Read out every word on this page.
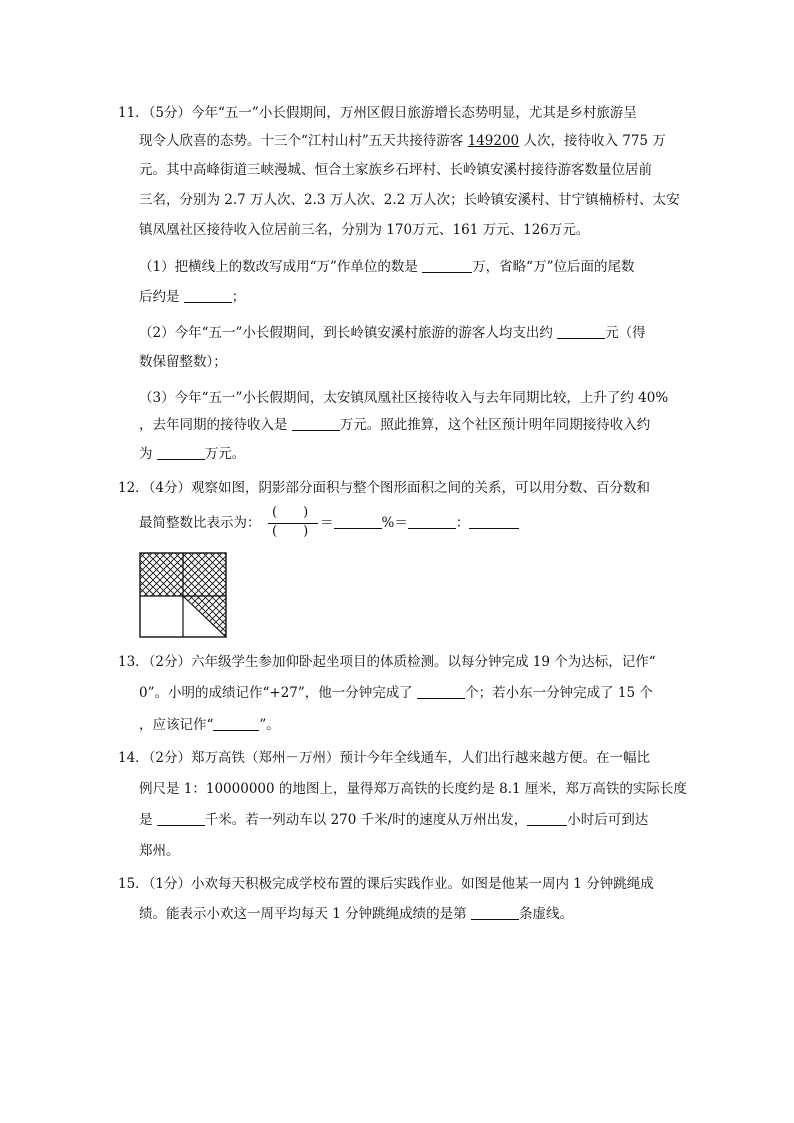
11．（5分）今年“五一”小长假期间，万州区假日旅游增长态势明显，尤其是乡村旅游呈
现令人欣喜的态势。十三个“江村山村”五天共接待游客 149200 人次，接待收入 775 万
元。其中高峰街道三峡漫城、恒合土家族乡石坪村、长岭镇安溪村接待游客数量位居前
三名，分别为 2.7 万人次、2.3 万人次、2.2 万人次；长岭镇安溪村、甘宁镇楠桥村、太安
镇凤凰社区接待收入位居前三名，分别为 170万元、161 万元、126万元。
（1）把横线上的数改写成用“万”作单位的数是	万，省略“万”位后面的尾数
后约是	；
（2）今年“五一”小长假期间，到长岭镇安溪村旅游的游客人均支出约	元（得
数保留整数）；
（3）今年“五一”小长假期间，太安镇凤凰社区接待收入与去年同期比较，上升了约 40%
，去年同期的接待收入是	万元。照此推算，这个社区预计明年同期接待收入约
为	万元。
12．（4分）观察如图，阴影部分面积与整个图形面积之间的关系，可以用分数、百分数和
最简整数比表示为：
(　　)
(　　)
＝	%＝	：
13．（2分）六年级学生参加仰卧起坐项目的体质检测。以每分钟完成 19 个为达标，记作“
0”。小明的成绩记作“+27”，他一分钟完成了	个；若小东一分钟完成了 15 个
，应该记作“	”。
14．（2分）郑万高铁（郑州－万州）预计今年全线通车，人们出行越来越方便。在一幅比
例尺是 1：10000000 的地图上，量得郑万高铁的长度约是 8.1 厘米，郑万高铁的实际长度
是	千米。若一列动车以 270 千米/时的速度从万州出发，	小时后可到达
郑州。
15．（1分）小欢每天积极完成学校布置的课后实践作业。如图是他某一周内 1 分钟跳绳成
绩。能表示小欢这一周平均每天 1 分钟跳绳成绩的是第	条虚线。
